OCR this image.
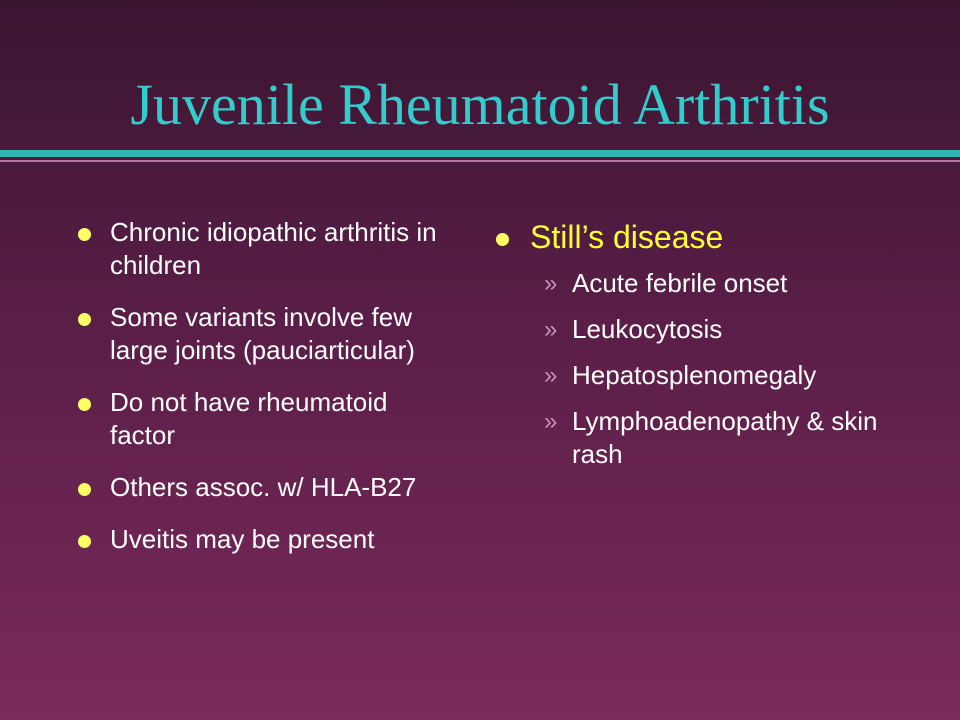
Juvenile Rheumatoid Arthritis
Chronic idiopathic arthritis in children
Some variants involve few large joints (pauciarticular)
Do not have rheumatoid factor
Others assoc. w/ HLA-B27
Uveitis may be present
Still’s disease
» Acute febrile onset
» Leukocytosis
» Hepatosplenomegaly
» Lymphoadenopathy & skin rash
